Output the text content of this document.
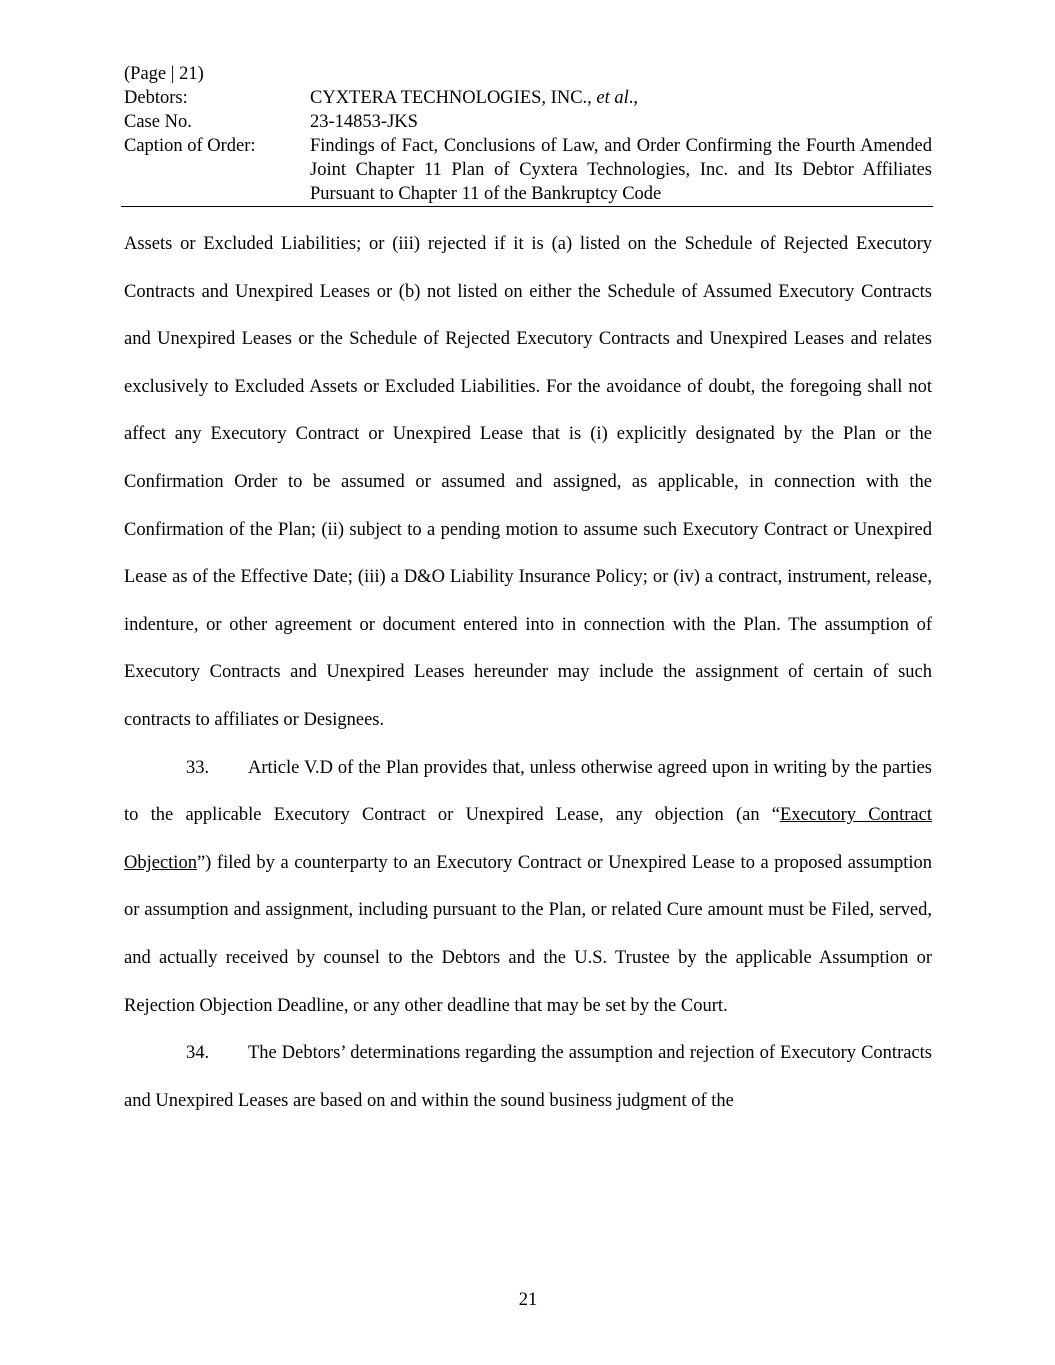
(Page | 21)
Debtors:	CYXTERA TECHNOLOGIES, INC., et al.,
Case No.	23-14853-JKS
Caption of Order:	Findings of Fact, Conclusions of Law, and Order Confirming the Fourth Amended Joint Chapter 11 Plan of Cyxtera Technologies, Inc. and Its Debtor Affiliates Pursuant to Chapter 11 of the Bankruptcy Code

Assets or Excluded Liabilities; or (iii) rejected if it is (a) listed on the Schedule of Rejected Executory Contracts and Unexpired Leases or (b) not listed on either the Schedule of Assumed Executory Contracts and Unexpired Leases or the Schedule of Rejected Executory Contracts and Unexpired Leases and relates exclusively to Excluded Assets or Excluded Liabilities. For the avoidance of doubt, the foregoing shall not affect any Executory Contract or Unexpired Lease that is (i) explicitly designated by the Plan or the Confirmation Order to be assumed or assumed and assigned, as applicable, in connection with the Confirmation of the Plan; (ii) subject to a pending motion to assume such Executory Contract or Unexpired Lease as of the Effective Date; (iii) a D&O Liability Insurance Policy; or (iv) a contract, instrument, release, indenture, or other agreement or document entered into in connection with the Plan. The assumption of Executory Contracts and Unexpired Leases hereunder may include the assignment of certain of such contracts to affiliates or Designees.

33. Article V.D of the Plan provides that, unless otherwise agreed upon in writing by the parties to the applicable Executory Contract or Unexpired Lease, any objection (an “Executory Contract Objection”) filed by a counterparty to an Executory Contract or Unexpired Lease to a proposed assumption or assumption and assignment, including pursuant to the Plan, or related Cure amount must be Filed, served, and actually received by counsel to the Debtors and the U.S. Trustee by the applicable Assumption or Rejection Objection Deadline, or any other deadline that may be set by the Court.

34. The Debtors’ determinations regarding the assumption and rejection of Executory Contracts and Unexpired Leases are based on and within the sound business judgment of the

21
